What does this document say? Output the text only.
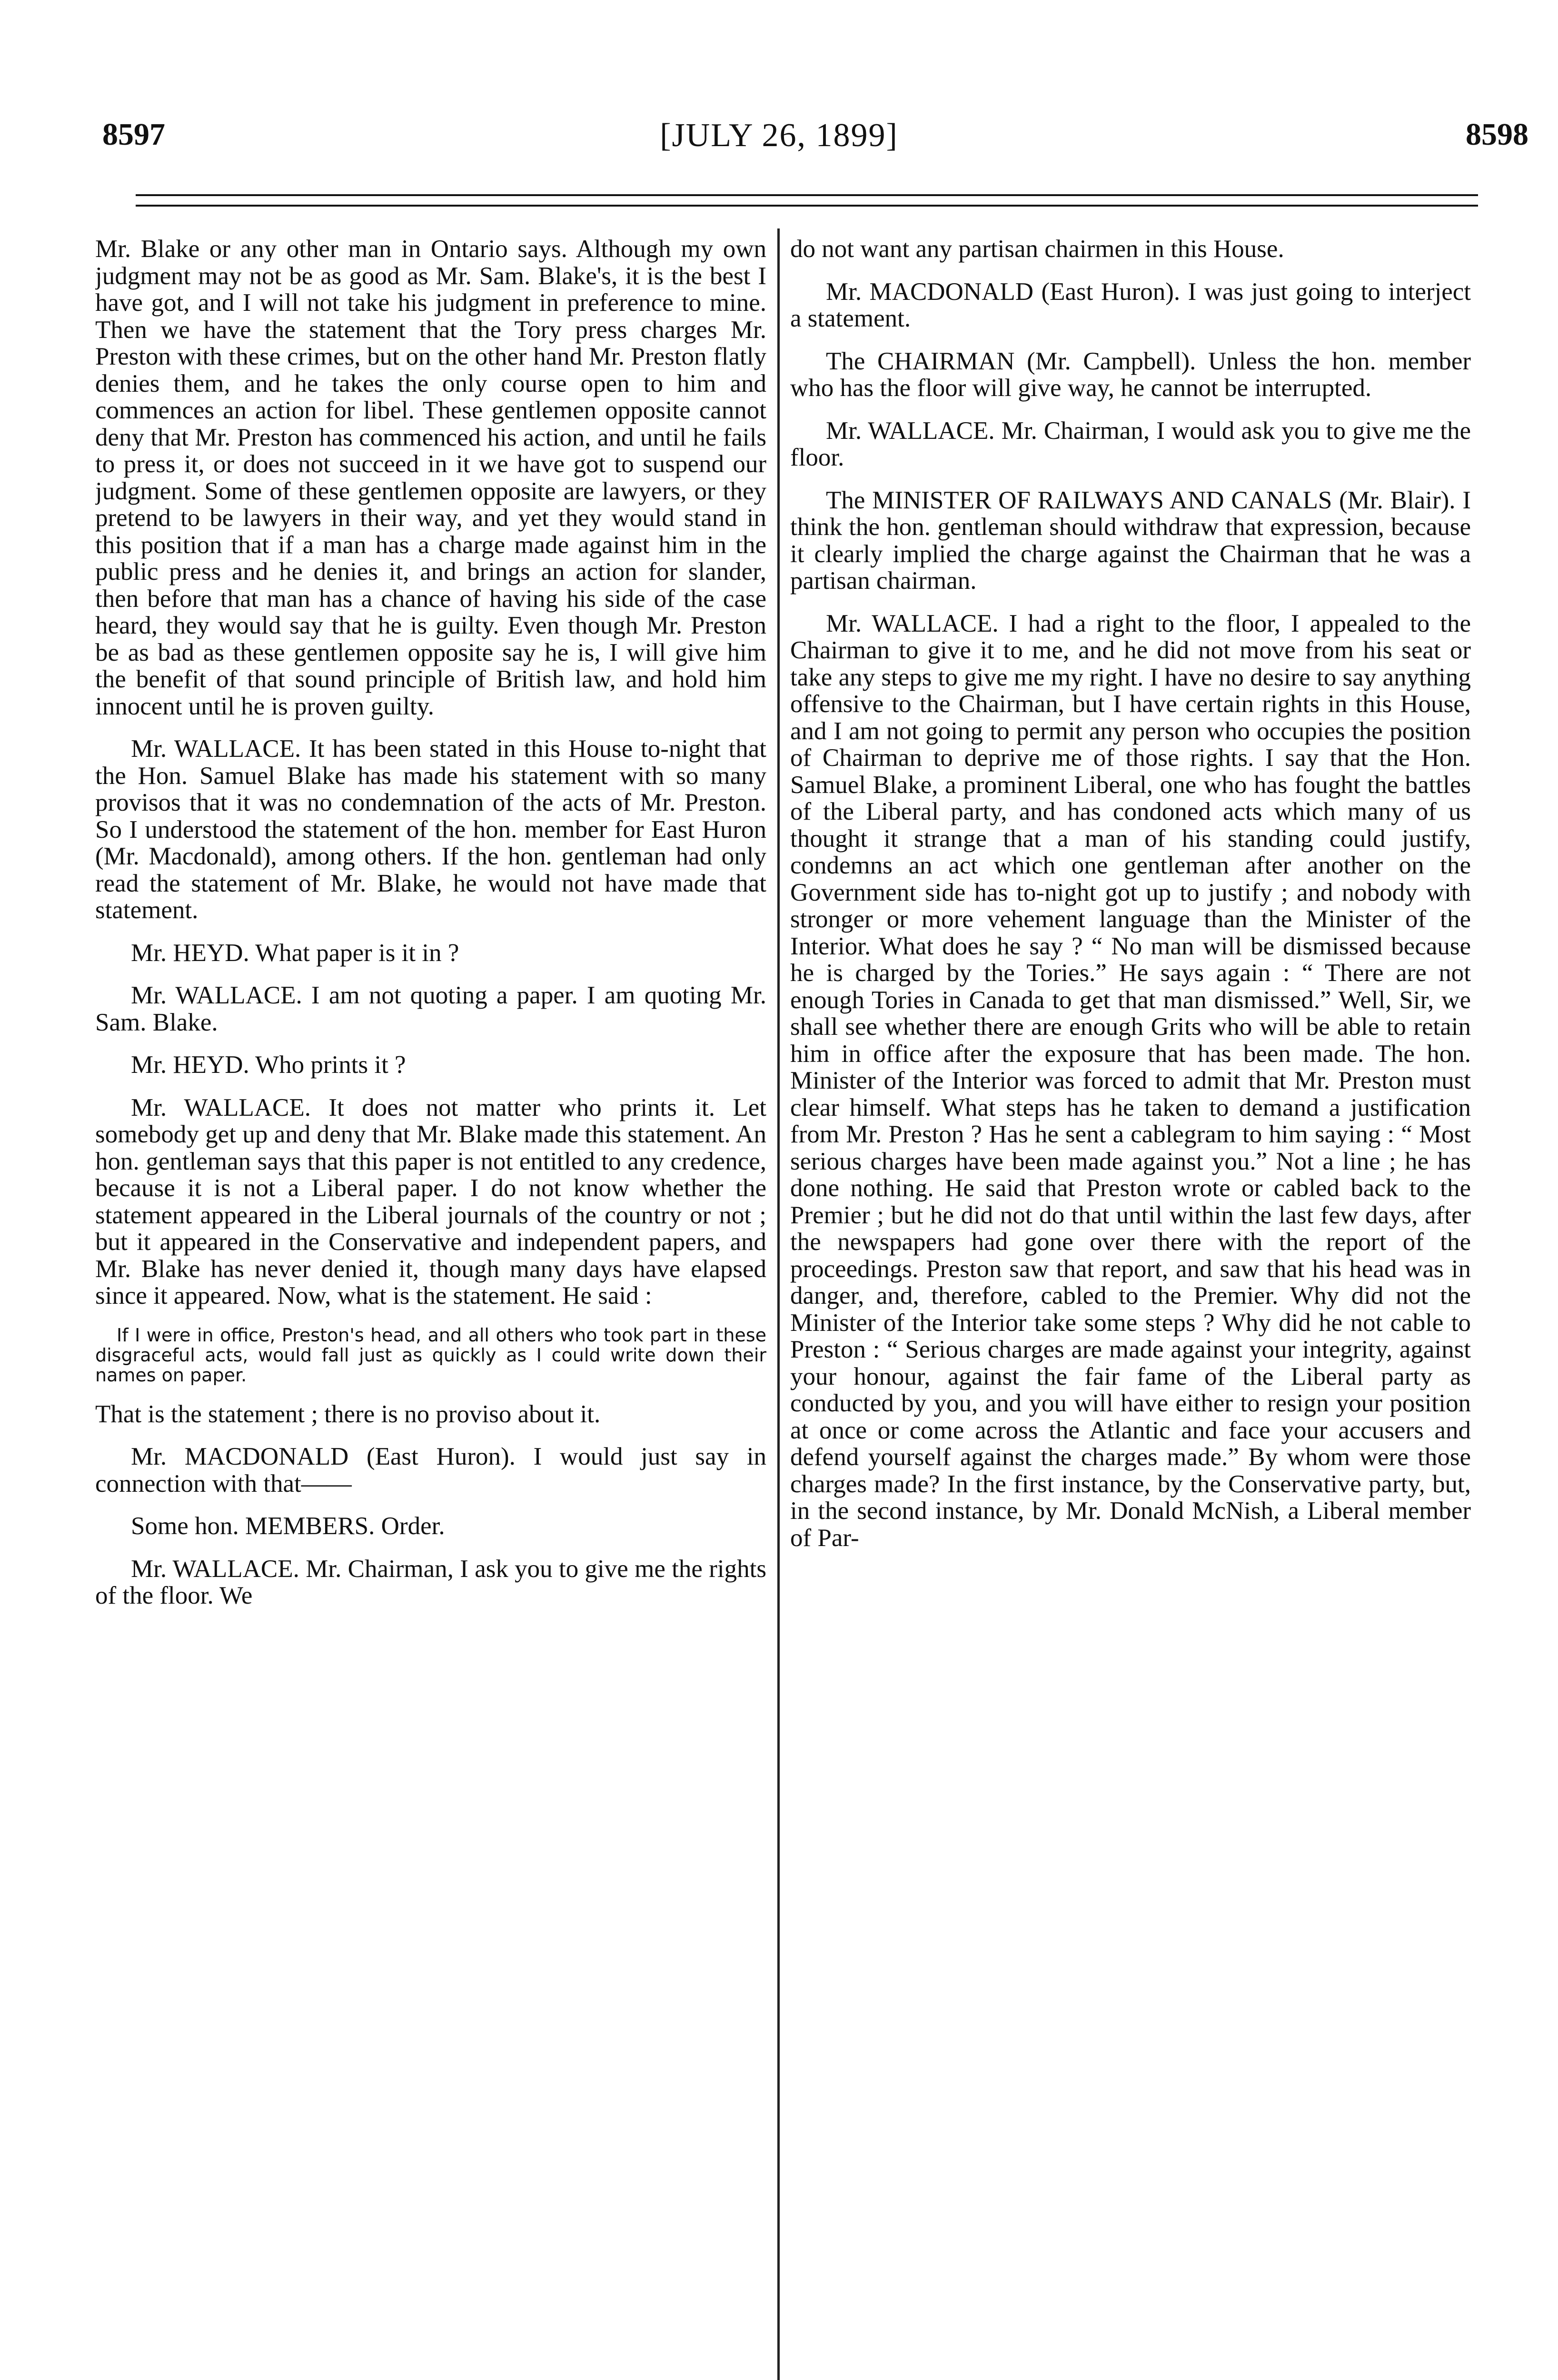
8597	[JULY 26, 1899]	8598

Mr. Blake or any other man in Ontario says. Although my own judgment may not be as good as Mr. Sam. Blake's, it is the best I have got, and I will not take his judgment in preference to mine. Then we have the statement that the Tory press charges Mr. Preston with these crimes, but on the other hand Mr. Preston flatly denies them, and he takes the only course open to him and commences an action for libel. These gentlemen opposite cannot deny that Mr. Preston has commenced his action, and until he fails to press it, or does not succeed in it we have got to suspend our judgment. Some of these gentlemen opposite are lawyers, or they pretend to be lawyers in their way, and yet they would stand in this position that if a man has a charge made against him in the public press and he denies it, and brings an action for slander, then before that man has a chance of having his side of the case heard, they would say that he is guilty. Even though Mr. Preston be as bad as these gentlemen opposite say he is, I will give him the benefit of that sound principle of British law, and hold him innocent until he is proven guilty.

Mr. WALLACE. It has been stated in this House to-night that the Hon. Samuel Blake has made his statement with so many provisos that it was no condemnation of the acts of Mr. Preston. So I understood the statement of the hon. member for East Huron (Mr. Macdonald), among others. If the hon. gentleman had only read the statement of Mr. Blake, he would not have made that statement.

Mr. HEYD. What paper is it in ?

Mr. WALLACE. I am not quoting a paper. I am quoting Mr. Sam. Blake.

Mr. HEYD. Who prints it ?

Mr. WALLACE. It does not matter who prints it. Let somebody get up and deny that Mr. Blake made this statement. An hon. gentleman says that this paper is not entitled to any credence, because it is not a Liberal paper. I do not know whether the statement appeared in the Liberal journals of the country or not ; but it appeared in the Conservative and independent papers, and Mr. Blake has never denied it, though many days have elapsed since it appeared. Now, what is the statement. He said :

If I were in office, Preston's head, and all others who took part in these disgraceful acts, would fall just as quickly as I could write down their names on paper.

That is the statement ; there is no proviso about it.

Mr. MACDONALD (East Huron). I would just say in connection with that——

Some hon. MEMBERS. Order.

Mr. WALLACE. Mr. Chairman, I ask you to give me the rights of the floor. We

do not want any partisan chairmen in this House.

Mr. MACDONALD (East Huron). I was just going to interject a statement.

The CHAIRMAN (Mr. Campbell). Unless the hon. member who has the floor will give way, he cannot be interrupted.

Mr. WALLACE. Mr. Chairman, I would ask you to give me the floor.

The MINISTER OF RAILWAYS AND CANALS (Mr. Blair). I think the hon. gentleman should withdraw that expression, because it clearly implied the charge against the Chairman that he was a partisan chairman.

Mr. WALLACE. I had a right to the floor, I appealed to the Chairman to give it to me, and he did not move from his seat or take any steps to give me my right. I have no desire to say anything offensive to the Chairman, but I have certain rights in this House, and I am not going to permit any person who occupies the position of Chairman to deprive me of those rights. I say that the Hon. Samuel Blake, a prominent Liberal, one who has fought the battles of the Liberal party, and has condoned acts which many of us thought it strange that a man of his standing could justify, condemns an act which one gentleman after another on the Government side has to-night got up to justify ; and nobody with stronger or more vehement language than the Minister of the Interior. What does he say ? “ No man will be dismissed because he is charged by the Tories.” He says again : “ There are not enough Tories in Canada to get that man dismissed.” Well, Sir, we shall see whether there are enough Grits who will be able to retain him in office after the exposure that has been made. The hon. Minister of the Interior was forced to admit that Mr. Preston must clear himself. What steps has he taken to demand a justification from Mr. Preston ? Has he sent a cablegram to him saying : “ Most serious charges have been made against you.” Not a line ; he has done nothing. He said that Preston wrote or cabled back to the Premier ; but he did not do that until within the last few days, after the newspapers had gone over there with the report of the proceedings. Preston saw that report, and saw that his head was in danger, and, therefore, cabled to the Premier. Why did not the Minister of the Interior take some steps ? Why did he not cable to Preston : “ Serious charges are made against your integrity, against your honour, against the fair fame of the Liberal party as conducted by you, and you will have either to resign your position at once or come across the Atlantic and face your accusers and defend yourself against the charges made.” By whom were those charges made? In the first instance, by the Conservative party, but, in the second instance, by Mr. Donald McNish, a Liberal member of Par-
